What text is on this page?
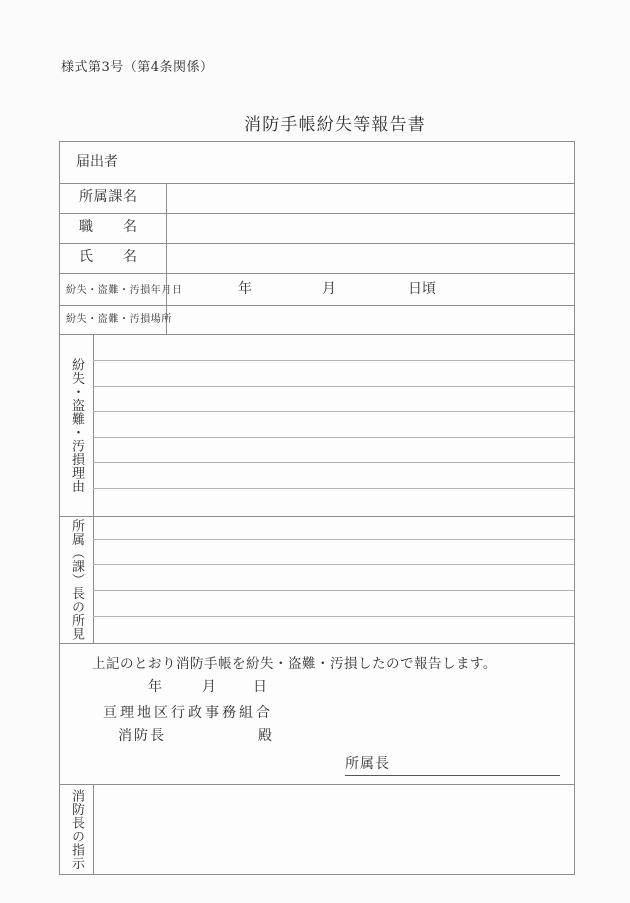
様式第3号（第4条関係）
消防手帳紛失等報告書
届出者
所属課名
職　名
氏　名
紛失・盗難・汚損年月日	年	月	日頃
紛失・盗難・汚損場所
紛失・盗難・汚損理由
所属（課）長の所見
上記のとおり消防手帳を紛失・盗難・汚損したので報告します。
年	月	日
亘理地区行政事務組合
消防長	殿
所属長
消防長の指示
